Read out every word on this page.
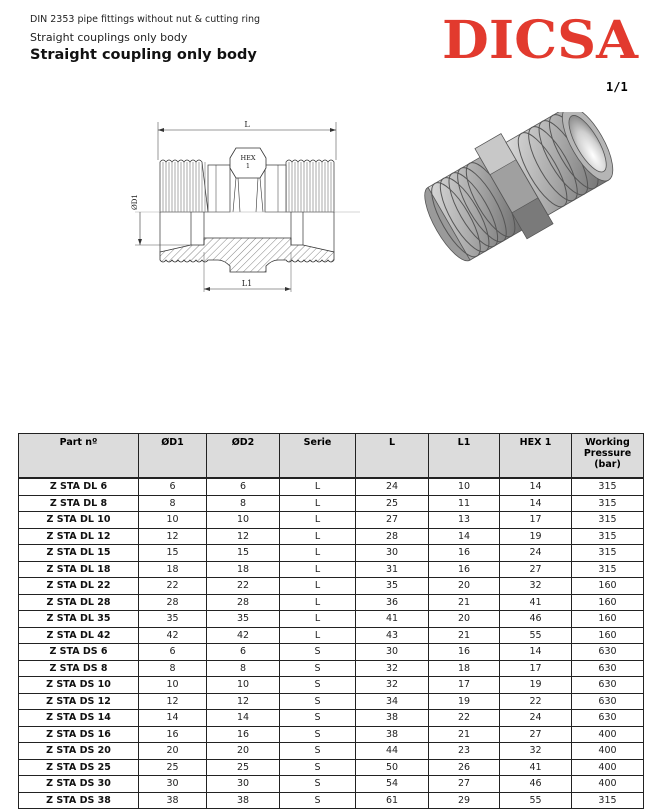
DIN 2353 pipe fittings without nut & cutting ring
Straight couplings only body
Straight coupling only body	DICSA
1/1
L
HEX
1
ØD1
L1
Part nº	ØD1	ØD2	Serie	L	L1	HEX 1	Working
Pressure
(bar)
Z STA DL 6	6	6	L	24	10	14	315
Z STA DL 8	8	8	L	25	11	14	315
Z STA DL 10	10	10	L	27	13	17	315
Z STA DL 12	12	12	L	28	14	19	315
Z STA DL 15	15	15	L	30	16	24	315
Z STA DL 18	18	18	L	31	16	27	315
Z STA DL 22	22	22	L	35	20	32	160
Z STA DL 28	28	28	L	36	21	41	160
Z STA DL 35	35	35	L	41	20	46	160
Z STA DL 42	42	42	L	43	21	55	160
Z STA DS 6	6	6	S	30	16	14	630
Z STA DS 8	8	8	S	32	18	17	630
Z STA DS 10	10	10	S	32	17	19	630
Z STA DS 12	12	12	S	34	19	22	630
Z STA DS 14	14	14	S	38	22	24	630
Z STA DS 16	16	16	S	38	21	27	400
Z STA DS 20	20	20	S	44	23	32	400
Z STA DS 25	25	25	S	50	26	41	400
Z STA DS 30	30	30	S	54	27	46	400
Z STA DS 38	38	38	S	61	29	55	315
